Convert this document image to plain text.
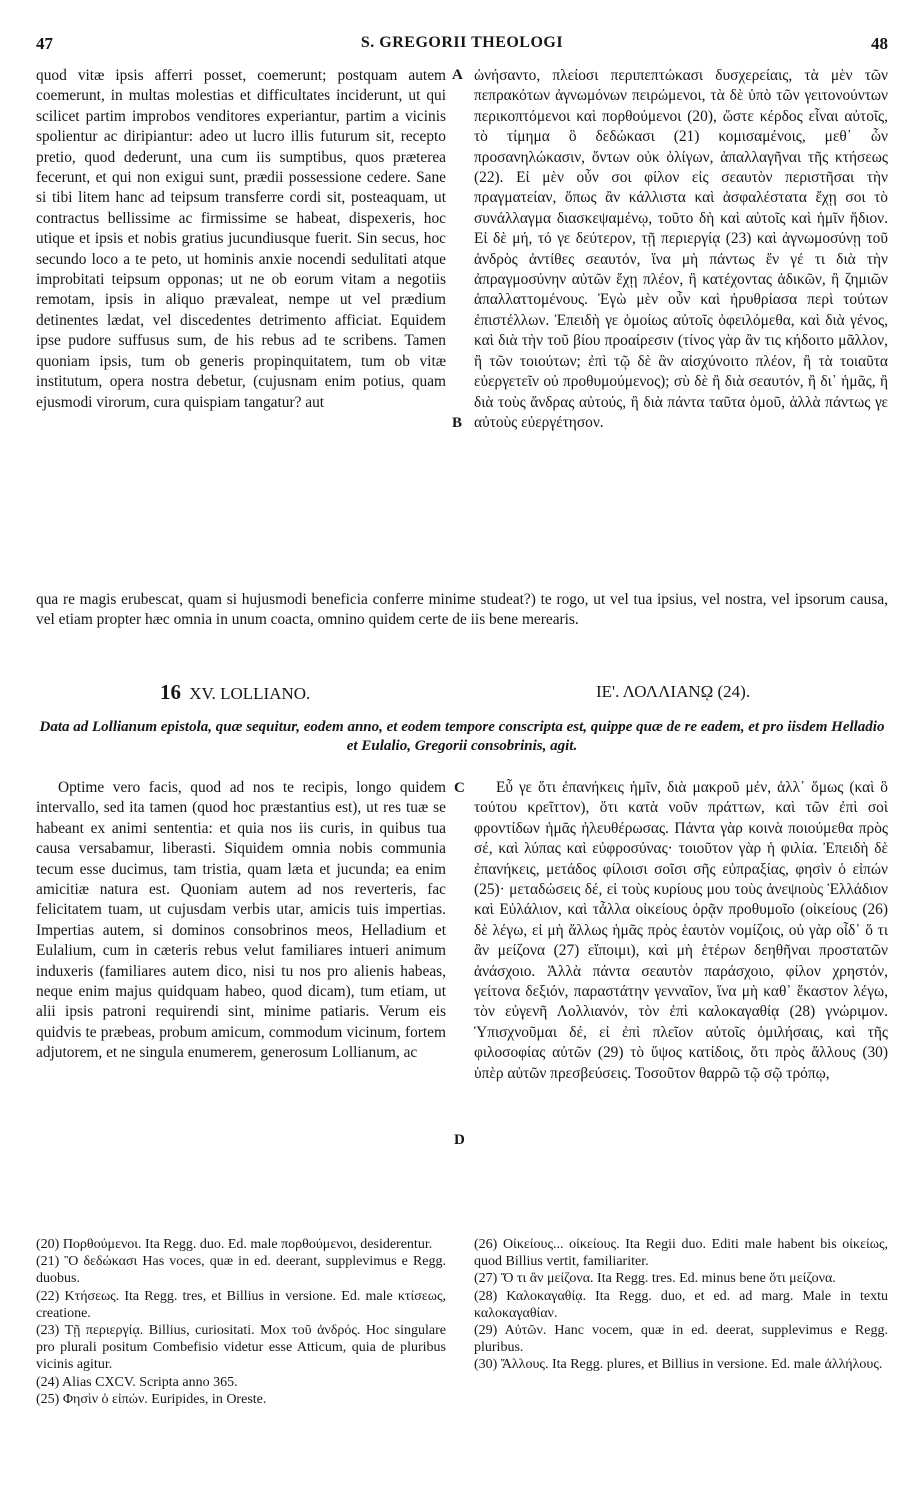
47	S. GREGORII THEOLOGI	48

quod vitæ ipsis afferri posset, coemerunt; postquam autem coemerunt, in multas molestias et difficultates inciderunt, ut qui scilicet partim improbos venditores experiantur, partim a vicinis spolientur ac diripiantur: adeo ut lucro illis futurum sit, recepto pretio, quod dederunt, una cum iis sumptibus, quos præterea fecerunt, et qui non exigui sunt, prædii possessione cedere. Sane si tibi litem hanc ad teipsum transferre cordi sit, posteaquam, ut contractus bellissime ac firmissime se habeat, dispexeris, hoc utique et ipsis et nobis gratius jucundiusque fuerit. Sin secus, hoc secundo loco a te peto, ut hominis anxie nocendi sedulitati atque improbitati teipsum opponas; ut ne ob eorum vitam a negotiis remotam, ipsis in aliquo prævaleat, nempe ut vel prædium detinentes lædat, vel discedentes detrimento afficiat. Equidem ipse pudore suffusus sum, de his rebus ad te scribens. Tamen quoniam ipsis, tum ob generis propinquitatem, tum ob vitæ institutum, opera nostra debetur, (cujusnam enim potius, quam ejusmodi virorum, cura quispiam tangatur? aut

A
B

ὠνήσαντο, πλείοσι περιπεπτώκασι δυσχερείαις, τὰ μὲν τῶν πεπρακότων ἀγνωμόνων πειρώμενοι, τὰ δὲ ὑπὸ τῶν γειτονούντων περικοπτόμενοι καὶ πορθούμενοι (20), ὥστε κέρδος εἶναι αὐτοῖς, τὸ τίμημα ὃ δεδώκασι (21) κομισαμένοις, μεθ᾽ ὧν προσανηλώκασιν, ὄντων οὐκ ὀλίγων, ἀπαλλαγῆναι τῆς κτήσεως (22). Εἰ μὲν οὖν σοι φίλον εἰς σεαυτὸν περιστῆσαι τὴν πραγματείαν, ὅπως ἂν κάλλιστα καὶ ἀσφαλέστατα ἔχῃ σοι τὸ συνάλλαγμα διασκεψαμένῳ, τοῦτο δὴ καὶ αὐτοῖς καὶ ἡμῖν ἥδιον. Εἰ δὲ μή, τό γε δεύτερον, τῇ περιεργίᾳ (23) καὶ ἀγνωμοσύνῃ τοῦ ἀνδρὸς ἀντίθες σεαυτόν, ἵνα μὴ πάντως ἔν γέ τι διὰ τὴν ἀπραγμοσύνην αὐτῶν ἔχῃ πλέον, ἢ κατέχοντας ἀδικῶν, ἢ ζημιῶν ἀπαλλαττομένους. Ἐγὼ μὲν οὖν καὶ ἠρυθρίασα περὶ τούτων ἐπιστέλλων. Ἐπειδὴ γε ὁμοίως αὐτοῖς ὀφειλόμεθα, καὶ διὰ γένος, καὶ διὰ τὴν τοῦ βίου προαίρεσιν (τίνος γὰρ ἂν τις κήδοιτο μᾶλλον, ἢ τῶν τοιούτων; ἐπὶ τῷ δὲ ἂν αἰσχύνοιτο πλέον, ἢ τὰ τοιαῦτα εὐεργετεῖν οὐ προθυμούμενος); σὺ δὲ ἢ διὰ σεαυτόν, ἢ δι᾽ ἡμᾶς, ἢ διὰ τοὺς ἄνδρας αὐτούς, ἢ διὰ πάντα ταῦτα ὁμοῦ, ἀλλὰ πάντως γε αὐτοὺς εὐεργέτησον.

qua re magis erubescat, quam si hujusmodi beneficia conferre minime studeat?) te rogo, ut vel tua ipsius, vel nostra, vel ipsorum causa, vel etiam propter hæc omnia in unum coacta, omnino quidem certe de iis bene merearis.

16 XV. LOLLIANO.	ΙΕ'. ΛΟΛΛΙΑΝῼ (24).
Data ad Lollianum epistola, quæ sequitur, eodem anno, et eodem tempore conscripta est, quippe quæ de re eadem, et pro iisdem Helladio et Eulalio, Gregorii consobrinis, agit.

Optime vero facis, quod ad nos te recipis, longo quidem intervallo, sed ita tamen (quod hoc præstantius est), ut res tuæ se habeant ex animi sententia: et quia nos iis curis, in quibus tua causa versabamur, liberasti. Siquidem omnia nobis communia tecum esse ducimus, tam tristia, quam læta et jucunda; ea enim amicitiæ natura est. Quoniam autem ad nos reverteris, fac felicitatem tuam, ut cujusdam verbis utar, amicis tuis impertias. Impertias autem, si dominos consobrinos meos, Helladium et Eulalium, cum in cæteris rebus velut familiares intueri animum induxeris (familiares autem dico, nisi tu nos pro alienis habeas, neque enim majus quidquam habeo, quod dicam), tum etiam, ut alii ipsis patroni requirendi sint, minime patiaris. Verum eis quidvis te præbeas, probum amicum, commodum vicinum, fortem adjutorem, et ne singula enumerem, generosum Lollianum, ac

C
D

Εὖ γε ὅτι ἐπανήκεις ἡμῖν, διὰ μακροῦ μέν, ἀλλ᾽ ὅμως (καὶ ὃ τούτου κρεῖττον), ὅτι κατὰ νοῦν πράττων, καὶ τῶν ἐπὶ σοὶ φροντίδων ἡμᾶς ἠλευθέρωσας. Πάντα γὰρ κοινὰ ποιούμεθα πρὸς σέ, καὶ λύπας καὶ εὐφροσύνας· τοιοῦτον γὰρ ἡ φιλία. Ἐπειδὴ δὲ ἐπανήκεις, μετάδος φίλοισι σοῖσι σῆς εὐπραξίας, φησὶν ὁ εἰπών (25)· μεταδώσεις δέ, εἰ τοὺς κυρίους μου τοὺς ἀνεψιοὺς Ἑλλάδιον καὶ Εὐλάλιον, καὶ τἆλλα οἰκείους ὁρᾷν προθυμοῖο (οἰκείους (26) δὲ λέγω, εἰ μὴ ἄλλως ἡμᾶς πρὸς ἑαυτὸν νομίζοις, οὐ γὰρ οἶδ᾽ ὅ τι ἂν μείζονα (27) εἴποιμι), καὶ μὴ ἑτέρων δεηθῆναι προστατῶν ἀνάσχοιο. Ἀλλὰ πάντα σεαυτὸν παράσχοιο, φίλον χρηστόν, γείτονα δεξιόν, παραστάτην γενναῖον, ἵνα μὴ καθ᾽ ἕκαστον λέγω, τὸν εὐγενῆ Λολλιανόν, τὸν ἐπὶ καλοκαγαθίᾳ (28) γνώριμον. Ὑπισχνοῦμαι δέ, εἰ ἐπὶ πλεῖον αὐτοῖς ὁμιλήσαις, καὶ τῆς φιλοσοφίας αὐτῶν (29) τὸ ὕψος κατίδοις, ὅτι πρὸς ἄλλους (30) ὑπὲρ αὐτῶν πρεσβεύσεις. Τοσοῦτον θαρρῶ τῷ σῷ τρόπῳ,

(20) Πορθούμενοι. Ita Regg. duo. Ed. male πορθούμενοι, desiderentur.

(21) Ὃ δεδώκασι Has voces, quæ in ed. deerant, supplevimus e Regg. duobus.

(22) Κτήσεως. Ita Regg. tres, et Billius in versione. Ed. male κτίσεως, creatione.

(23) Τῇ περιεργίᾳ. Billius, curiositati. Mox τοῦ ἀνδρός. Hoc singulare pro plurali positum Combefisio videtur esse Atticum, quia de pluribus vicinis agitur.

(24) Alias CXCV. Scripta anno 365.

(25) Φησὶν ὁ εἰπών. Euripides, in Oreste.

(26) Οἰκείους... οἰκείους. Ita Regii duo. Editi male habent bis οἰκείως, quod Billius vertit, familiariter.

(27) Ὅ τι ἂν μείζονα. Ita Regg. tres. Ed. minus bene ὅτι μείζονα.

(28) Καλοκαγαθίᾳ. Ita Regg. duo, et ed. ad marg. Male in textu καλοκαγαθίαν.

(29) Αὐτῶν. Hanc vocem, quæ in ed. deerat, supplevimus e Regg. pluribus.

(30) Ἄλλους. Ita Regg. plures, et Billius in versione. Ed. male ἀλλήλους.
